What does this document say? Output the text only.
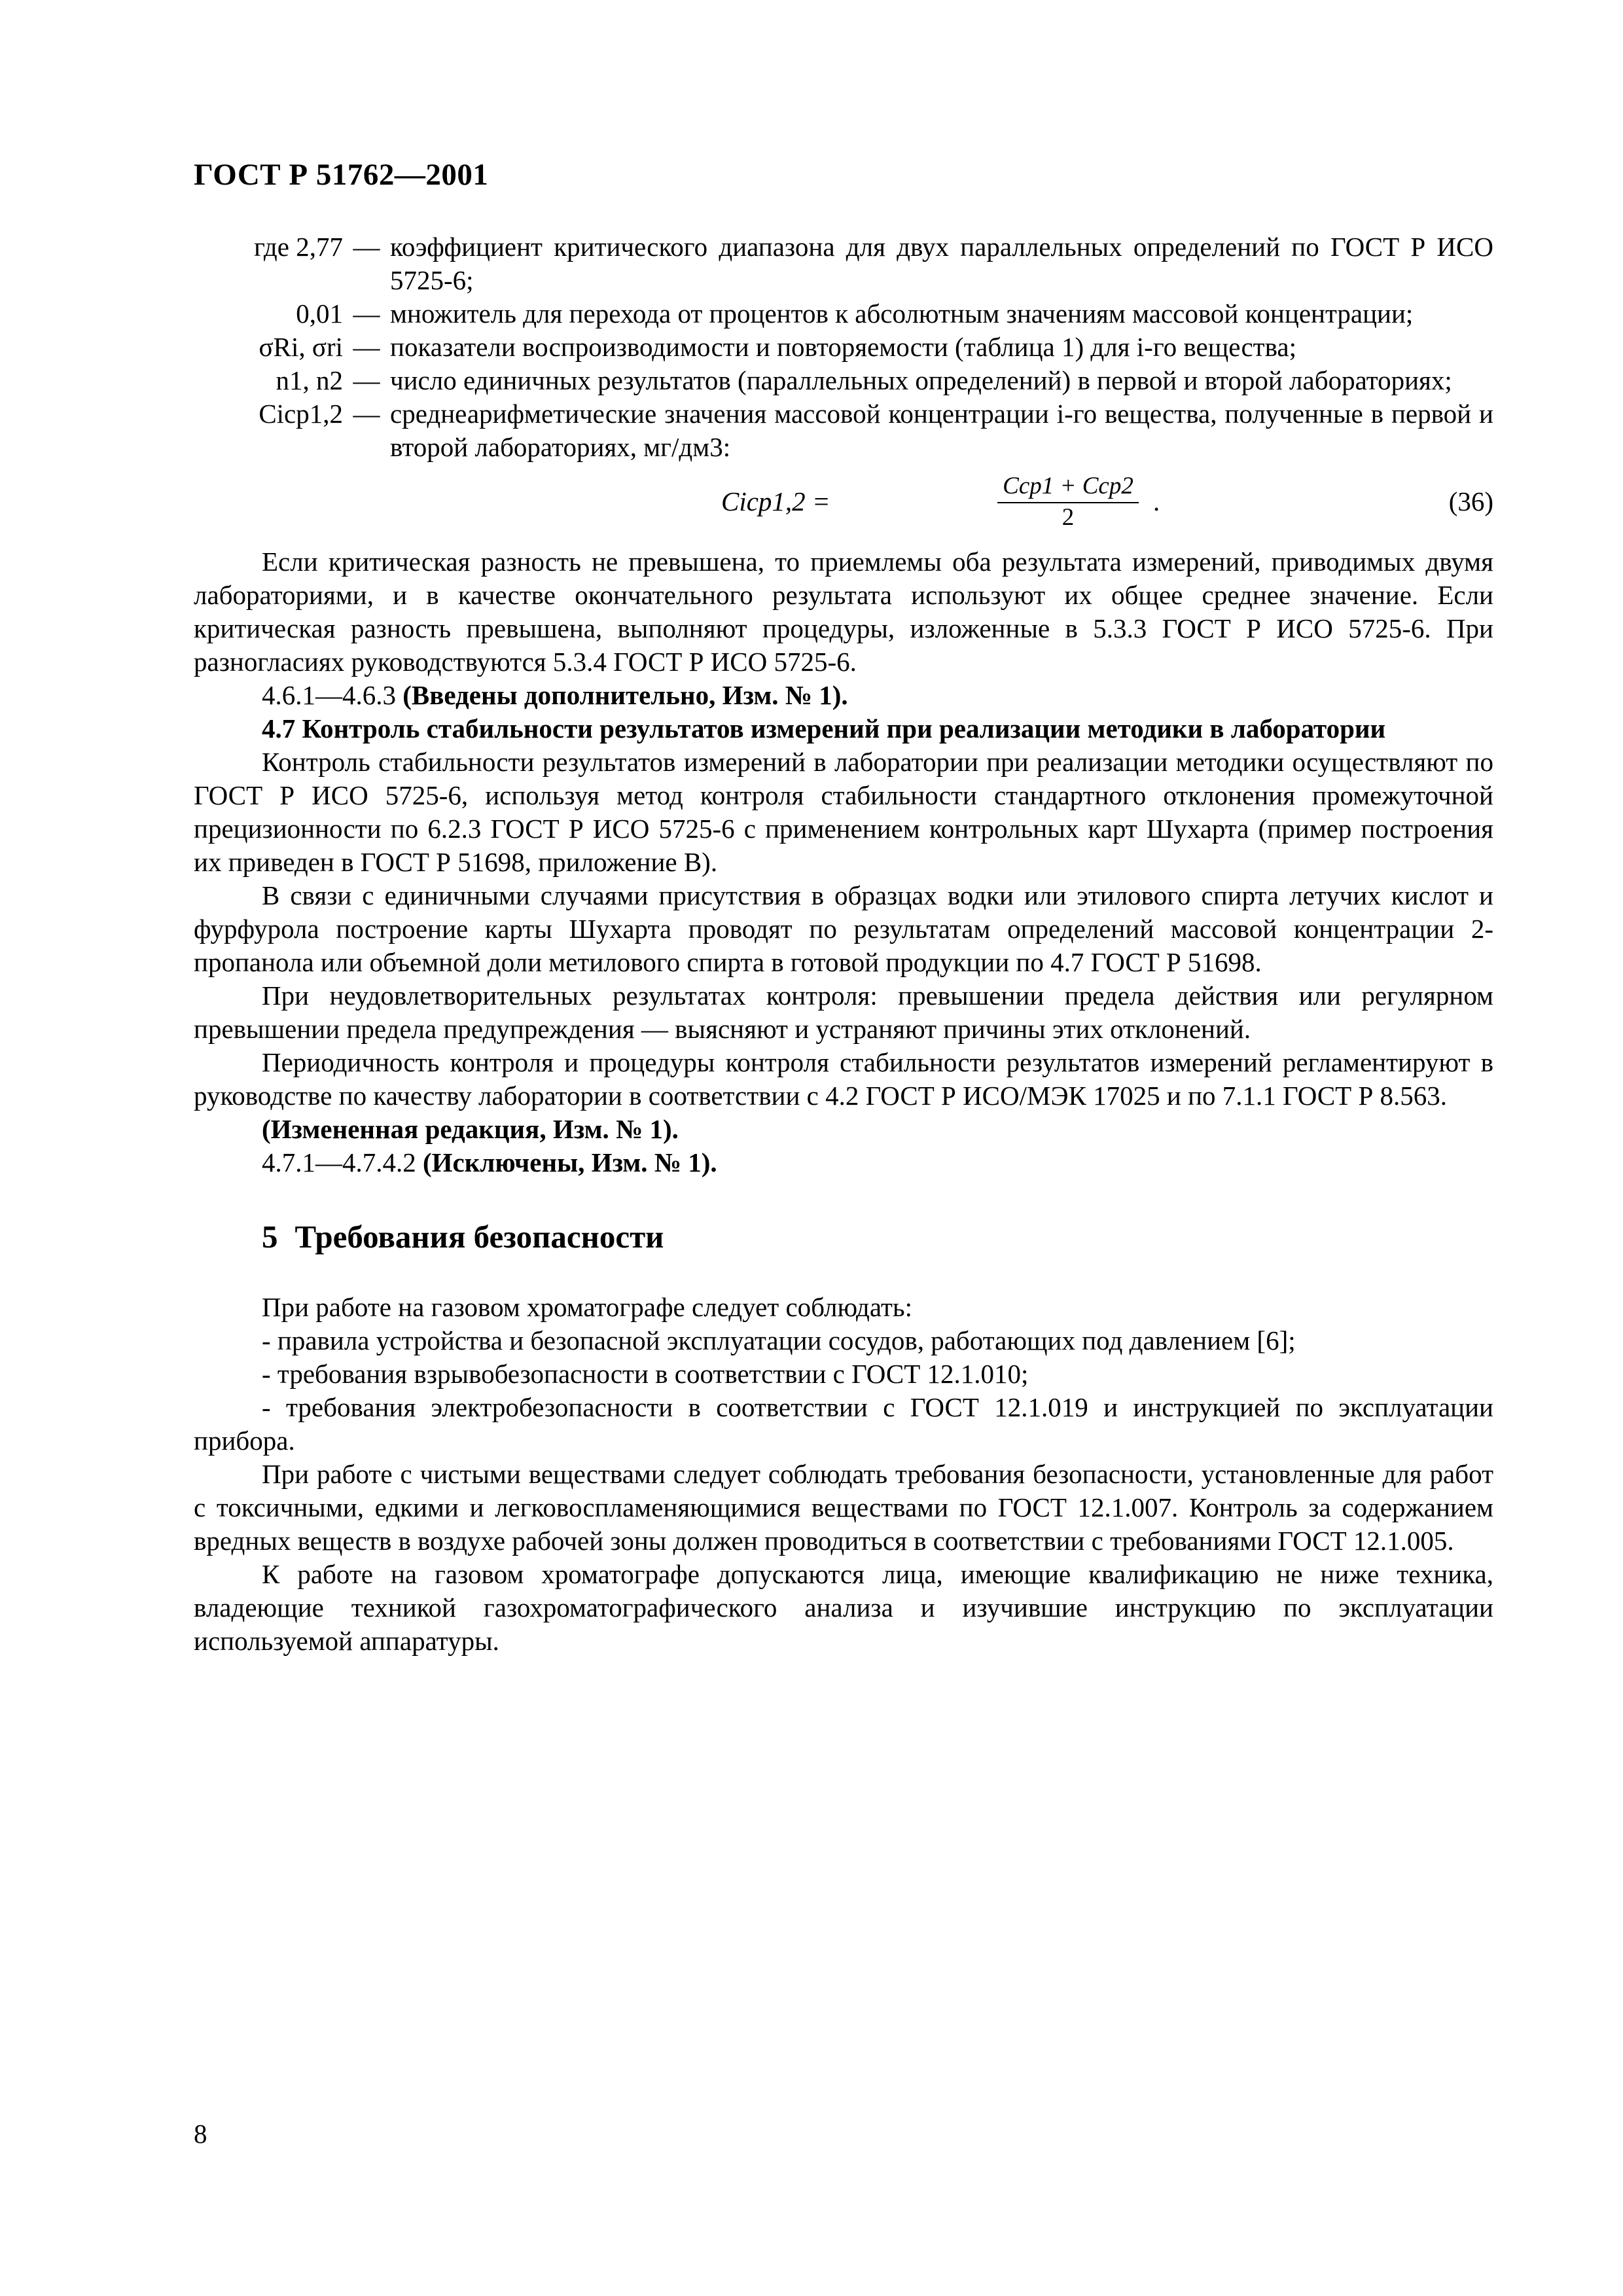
ГОСТ Р 51762—2001
где 2,77 — коэффициент критического диапазона для двух параллельных определений по ГОСТ Р ИСО 5725-6;
0,01 — множитель для перехода от процентов к абсолютным значениям массовой концентрации;
σRi, σri — показатели воспроизводимости и повторяемости (таблица 1) для i-го вещества;
n1, n2 — число единичных результатов (параллельных определений) в первой и второй лабораториях;
Cicp1,2 — среднеарифметические значения массовой концентрации i-го вещества, полученные в первой и второй лабораториях, мг/дм3:
Cicp1,2 =
Ccp1 + Ccp2
2
.	(36)

Если критическая разность не превышена, то приемлемы оба результата измерений, приводимых двумя лабораториями, и в качестве окончательного результата используют их общее среднее значение. Если критическая разность превышена, выполняют процедуры, изложенные в 5.3.3 ГОСТ Р ИСО 5725-6. При разногласиях руководствуются 5.3.4 ГОСТ Р ИСО 5725-6.

4.6.1—4.6.3 (Введены дополнительно, Изм. № 1).
4.7 Контроль стабильности результатов измерений при реализации методики в лаборатории

Контроль стабильности результатов измерений в лаборатории при реализации методики осуществляют по ГОСТ Р ИСО 5725-6, используя метод контроля стабильности стандартного отклонения промежуточной прецизионности по 6.2.3 ГОСТ Р ИСО 5725-6 с применением контрольных карт Шухарта (пример построения их приведен в ГОСТ Р 51698, приложение В).

В связи с единичными случаями присутствия в образцах водки или этилового спирта летучих кислот и фурфурола построение карты Шухарта проводят по результатам определений массовой концентрации 2-пропанола или объемной доли метилового спирта в готовой продукции по 4.7 ГОСТ Р 51698.

При неудовлетворительных результатах контроля: превышении предела действия или регулярном превышении предела предупреждения — выясняют и устраняют причины этих отклонений.

Периодичность контроля и процедуры контроля стабильности результатов измерений регламентируют в руководстве по качеству лаборатории в соответствии с 4.2 ГОСТ Р ИСО/МЭК 17025 и по 7.1.1 ГОСТ Р 8.563.

(Измененная редакция, Изм. № 1).
4.7.1—4.7.4.2 (Исключены, Изм. № 1).
5 Требования безопасности

При работе на газовом хроматографе следует соблюдать:

- правила устройства и безопасной эксплуатации сосудов, работающих под давлением [6];

- требования взрывобезопасности в соответствии с ГОСТ 12.1.010;

- требования электробезопасности в соответствии с ГОСТ 12.1.019 и инструкцией по эксплуатации прибора.

При работе с чистыми веществами следует соблюдать требования безопасности, установленные для работ с токсичными, едкими и легковоспламеняющимися веществами по ГОСТ 12.1.007. Контроль за содержанием вредных веществ в воздухе рабочей зоны должен проводиться в соответствии с требованиями ГОСТ 12.1.005.

К работе на газовом хроматографе допускаются лица, имеющие квалификацию не ниже техника, владеющие техникой газохроматографического анализа и изучившие инструкцию по эксплуатации используемой аппаратуры.

8
